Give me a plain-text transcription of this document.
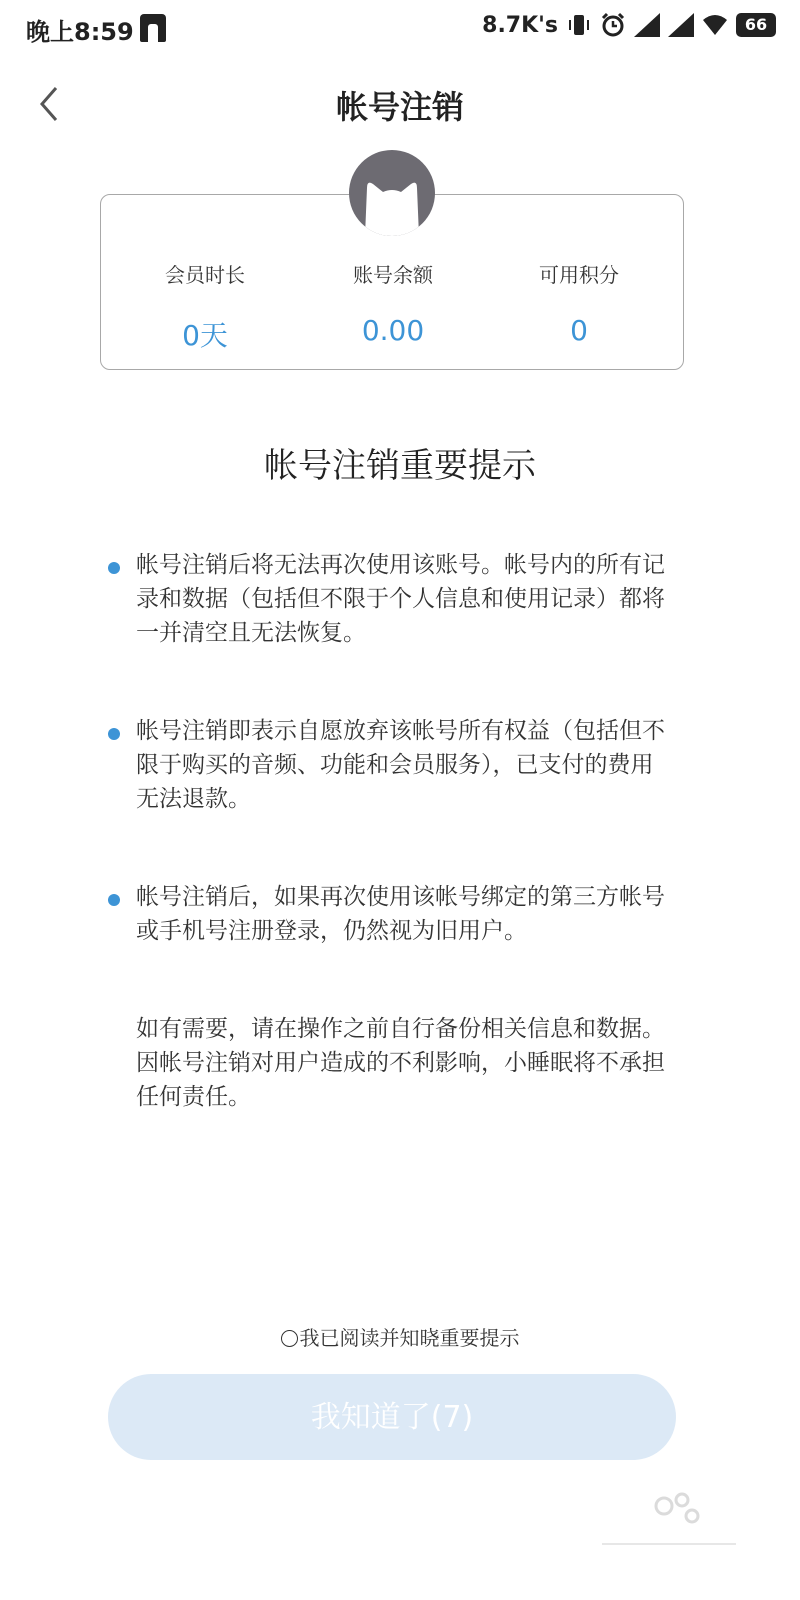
晚上8:59	8.7K's	66
帐号注销
会员时长
0天
账号余额
0.00
可用积分
0
帐号注销重要提示
帐号注销后将无法再次使用该账号。帐号内的所有记录和数据（包括但不限于个人信息和使用记录）都将一并清空且无法恢复。
帐号注销即表示自愿放弃该帐号所有权益（包括但不限于购买的音频、功能和会员服务），已支付的费用无法退款。
帐号注销后，如果再次使用该帐号绑定的第三方帐号或手机号注册登录，仍然视为旧用户。
如有需要，请在操作之前自行备份相关信息和数据。因帐号注销对用户造成的不利影响，小睡眠将不承担任何责任。
我已阅读并知晓重要提示
我知道了(7)
